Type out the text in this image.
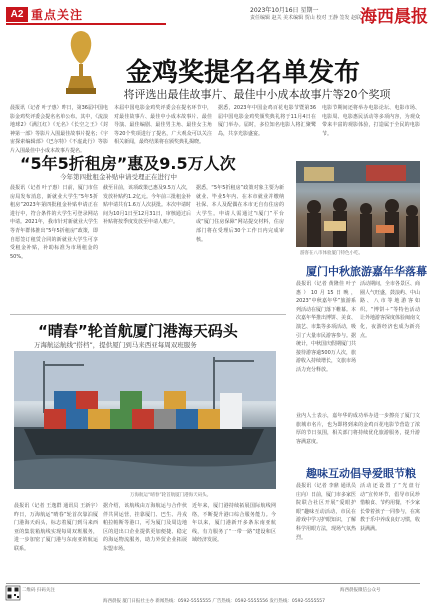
A2 重点关注	2023年10月16日 星期一
责任编辑 赵关 美术编辑 贺山 校对 王静 签发 赵联
海西晨报
金鸡奖提名名单发布
将评选出最佳故事片、最佳中小成本故事片等20个奖项
晨报讯（记者 叶子惠）昨日，第36届中国电影金鸡奖评委会提名名单公布。其中，《流浪地球2》《满江红》《无名》《长空之王》《封神第一部》等影片入围最佳故事片提名；《宇宙探索编辑部》《巴尔特》《不虚此行》等影片入围最佳中小成本故事片提名。
本届中国电影金鸡奖评委会在提名环节中，对最佳故事片、最佳中小成本故事片、最佳导演、最佳编剧、最佳男主角、最佳女主角等20个奖项进行了提名，广大观众可以关注相关新闻，最终结果将在颁奖典礼揭晓。
据悉，2023年中国金鸡百花电影节暨第36届中国电影金鸡奖颁奖典礼将于11月4日在厦门举办。届时，多位知名电影人将汇聚鹭岛，共享光影盛宴。
电影节期间还将举办电影论坛、电影市场、电影周、电影惠民活动等多项内容，为观众带来丰富的观影体验，打造属于全民的电影节。
“5年5折租房”惠及9.5万人次
今年第四批租金补贴申请受理正在进行中
晨报讯（记者 叶子惠）日前，厦门市住房局发布消息，新就业大学生“5年5折租房”2023年第四批租金补贴申请正在进行中，符合条件的大学生可登录网站申请。2021年，我市针对新就业大学生等青年群体推出“5年5折租房”政策，即自愿签订租赁合同的新就业大学生可享受租金补贴，补助标准为市场租金的50%。
截至目前，该项政策已惠及9.5万人次，发放补贴约1.2亿元。今年前三批租金补贴申请共有1.6万人次获批。本次申请时间为10月1日至12月31日，审核通过后补贴将按季度发放至申请人账户。
据悉，“5年5折租房”政策对象主要为新就业、毕业5年内、在本市就业并缴纳社保、本人及配偶在本市无自有住房的大学生。申请人需通过“i厦门”平台或“厦门住房保障”网站提交材料，住房部门将在受理后30个工作日内完成审核。
游客在八市体验厦门特色小吃。
厦门中秋旅游嘉年华落幕
晨报讯（记者 黄隆佳 叶子惠）10月15日晚，2023“中秋嘉年华”旅游系列活动在厦门落下帷幕。本次嘉年华推出博饼、美食、演艺、市集等多项活动，吸引了大量市民游客参与。据统计，中秋国庆假期厦门共接待游客逾500万人次，旅游收入持续增长，文旅市场活力充分释放。
活动期间，全市各景区、商圈人气旺盛，鼓浪屿、中山路、八市等地游客如织。“博饼＋”等特色活动让外地游客深度体验闽南文化，夜游经济也成为新亮点。
业内人士表示，嘉年华的成功举办进一步擦亮了厦门文旅城市名片，也为即将到来的金鸡百花电影节营造了浓厚的节日氛围，相关部门将持续优化旅游服务，提升游客满意度。
“晴春”轮首航厦门港海天码头
万海航运航线“搭档”，提供厦门到马来西亚每周双班服务
万海航运“晴春”轮首航厦门港海天码头。
晨报讯（记者 王逸群 通讯员 王新宇）昨日，万海航运“晴春”轮首次靠泊厦门港海天码头，标志着厦门到马来西亚的集装箱航线实现每周双班服务，进一步加密了厦门港与东南亚的航运联系。
据介绍，该航线由万海航运与合作伙伴共同运营，挂靠厦门、巴生、丹戎帕拉帕斯等港口，可为厦门及周边地区的进出口企业提供更加便捷、稳定的海运物流服务，助力外贸企业拓展东盟市场。
近年来，厦门港持续拓展国际航线网络，不断提升港口综合服务能力。今年以来，厦门港新开多条东南亚航线，有力服务了“一带一路”建设和区域经济发展。
趣味互动倡导爱眼节粮
晨报讯（记者 李鼎 通讯员 庄向）日前，厦门市多家医院联合社区开展“爱眼护眼”趣味互动活动，市民在游戏中学习护眼知识，了解科学用眼方法，现场气氛热烈。
活动还设置了“光盘行动”宣传环节，倡导市民珍惜粮食、节约用餐，不少家长带着孩子一同参与，在寓教于乐中养成良好习惯，收获满满。
二维码 扫码关注	海西晨报微信公众号
海西晨报 厦门日报社主办 新闻热线：0592-5555555 广告热线：0592-5555556 发行热线：0592-5555557
